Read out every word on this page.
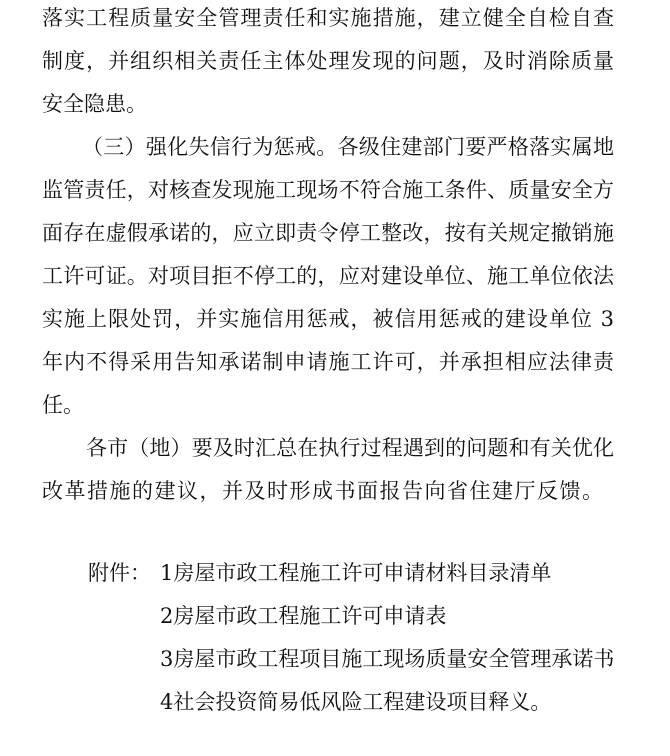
落实工程质量安全管理责任和实施措施，建立健全自检自查
制度，并组织相关责任主体处理发现的问题，及时消除质量
安全隐患。
（三）强化失信行为惩戒。各级住建部门要严格落实属地
监管责任，对核查发现施工现场不符合施工条件、质量安全方
面存在虚假承诺的，应立即责令停工整改，按有关规定撤销施
工许可证。对项目拒不停工的，应对建设单位、施工单位依法
实施上限处罚，并实施信用惩戒，被信用惩戒的建设单位 3
年内不得采用告知承诺制申请施工许可，并承担相应法律责
任。
各市（地）要及时汇总在执行过程遇到的问题和有关优化
改革措施的建议，并及时形成书面报告向省住建厅反馈。
附件： 1房屋市政工程施工许可申请材料目录清单
2房屋市政工程施工许可申请表
3房屋市政工程项目施工现场质量安全管理承诺书
4社会投资简易低风险工程建设项目释义。
